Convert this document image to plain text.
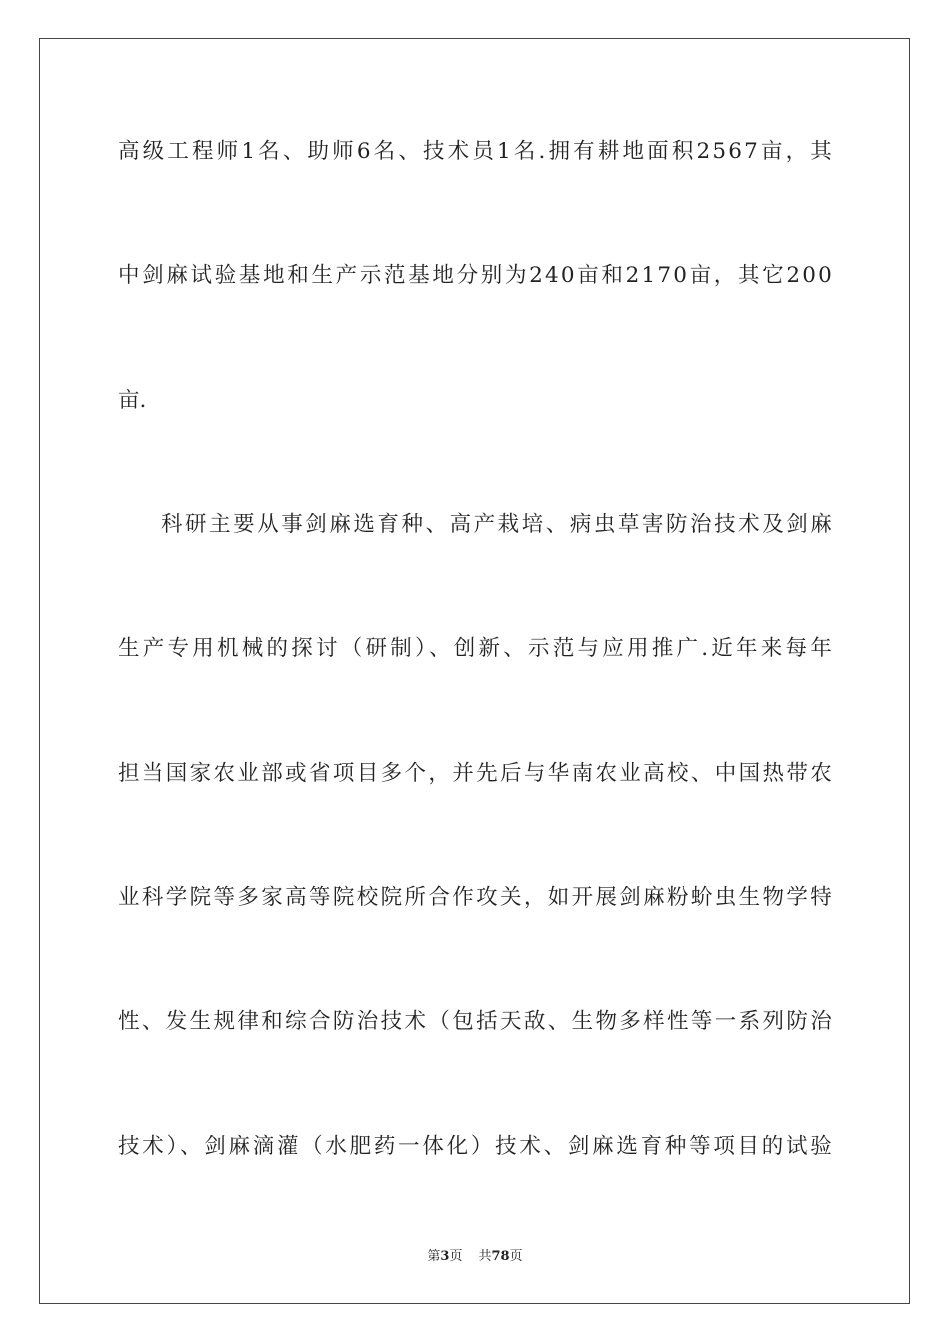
高级工程师1名、助师6名、技术员1名.拥有耕地面积2567亩，其
中剑麻试验基地和生产示范基地分别为240亩和2170亩，其它200
亩.
科研主要从事剑麻选育种、高产栽培、病虫草害防治技术及剑麻
生产专用机械的探讨（研制）、创新、示范与应用推广.近年来每年
担当国家农业部或省项目多个，并先后与华南农业高校、中国热带农
业科学院等多家高等院校院所合作攻关，如开展剑麻粉蚧虫生物学特
性、发生规律和综合防治技术（包括天敌、生物多样性等一系列防治
技术）、剑麻滴灌（水肥药一体化）技术、剑麻选育种等项目的试验
第3页 共78页
